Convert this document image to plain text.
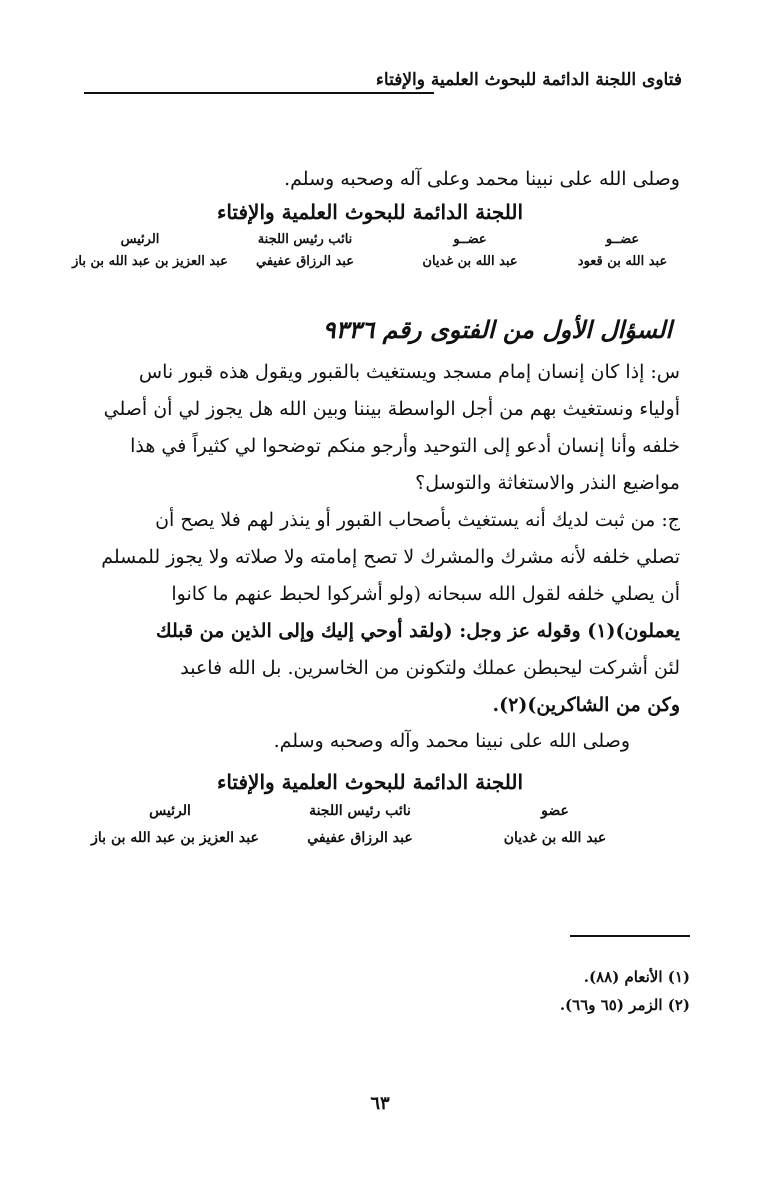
فتاوى اللجنة الدائمة للبحوث العلمية والإفتاء
وصلى الله على نبينا محمد وعلى آله وصحبه وسلم.
اللجنة الدائمة للبحوث العلمية والإفتاء
عضــو
عبد الله بن قعود
عضــو
عبد الله بن غديان
نائب رئيس اللجنة
عبد الرزاق عفيفي
الرئيس
عبد العزيز بن عبد الله بن باز
السؤال الأول من الفتوى رقم ٩٣٣٦
س: إذا كان إنسان إمام مسجد ويستغيث بالقبور ويقول هذه قبور ناس
أولياء ونستغيث بهم من أجل الواسطة بيننا وبين الله هل يجوز لي أن أصلي
خلفه وأنا إنسان أدعو إلى التوحيد وأرجو منكم توضحوا لي كثيراً في هذا
مواضيع النذر والاستغاثة والتوسل؟
ج: من ثبت لديك أنه يستغيث بأصحاب القبور أو ينذر لهم فلا يصح أن
تصلي خلفه لأنه مشرك والمشرك لا تصح إمامته ولا صلاته ولا يجوز للمسلم
أن يصلي خلفه لقول الله سبحانه (ولو أشركوا لحبط عنهم ما كانوا
يعملون)(١) وقوله عز وجل: (ولقد أوحي إليك وإلى الذين من قبلك
لئن أشركت ليحبطن عملك ولتكونن من الخاسرين. بل الله فاعبد
وكن من الشاكرين)(٢).
وصلى الله على نبينا محمد وآله وصحبه وسلم.
اللجنة الدائمة للبحوث العلمية والإفتاء
عضو
عبد الله بن غديان
نائب رئيس اللجنة
عبد الرزاق عفيفي
الرئيس
عبد العزيز بن عبد الله بن باز
(١) الأنعام (٨٨).
(٢) الزمر (٦٥ و٦٦).
٦٣
